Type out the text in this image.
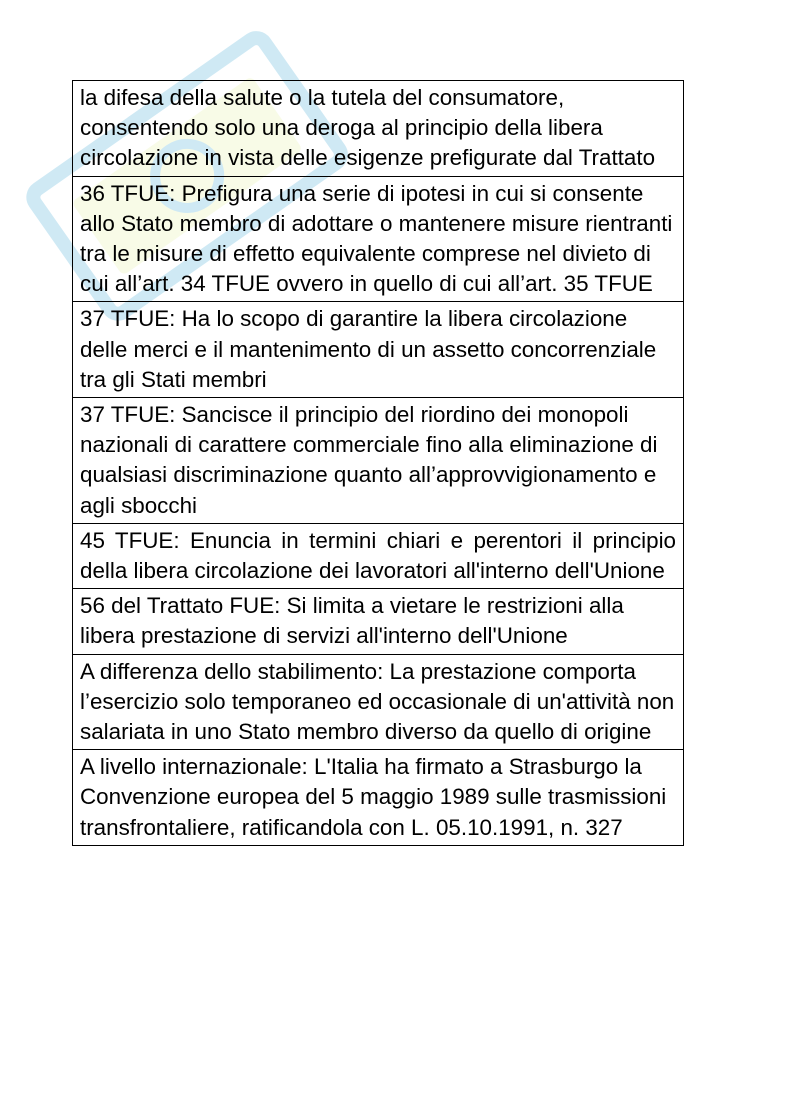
la difesa della salute o la tutela del consumatore, consentendo solo una deroga al principio della libera circolazione in vista delle esigenze prefigurate dal Trattato
36 TFUE: Prefigura una serie di ipotesi in cui si consente allo Stato membro di adottare o mantenere misure rientranti tra le misure di effetto equivalente comprese nel divieto di cui all’art. 34 TFUE ovvero in quello di cui all’art. 35 TFUE
37 TFUE: Ha lo scopo di garantire la libera circolazione delle merci e il mantenimento di un assetto concorrenziale tra gli Stati membri
37 TFUE: Sancisce il principio del riordino dei monopoli nazionali di carattere commerciale fino alla eliminazione di qualsiasi discriminazione quanto all’approvvigionamento e agli sbocchi
45 TFUE: Enuncia in termini chiari e perentori il principio della libera circolazione dei lavoratori all'interno dell'Unione
56 del Trattato FUE: Si limita a vietare le restrizioni alla libera prestazione di servizi all'interno dell'Unione
A differenza dello stabilimento: La prestazione comporta l’esercizio solo temporaneo ed occasionale di un'attività non salariata in uno Stato membro diverso da quello di origine
A livello internazionale: L'Italia ha firmato a Strasburgo la Convenzione europea del 5 maggio 1989 sulle trasmissioni transfrontaliere, ratificandola con L. 05.10.1991, n. 327
